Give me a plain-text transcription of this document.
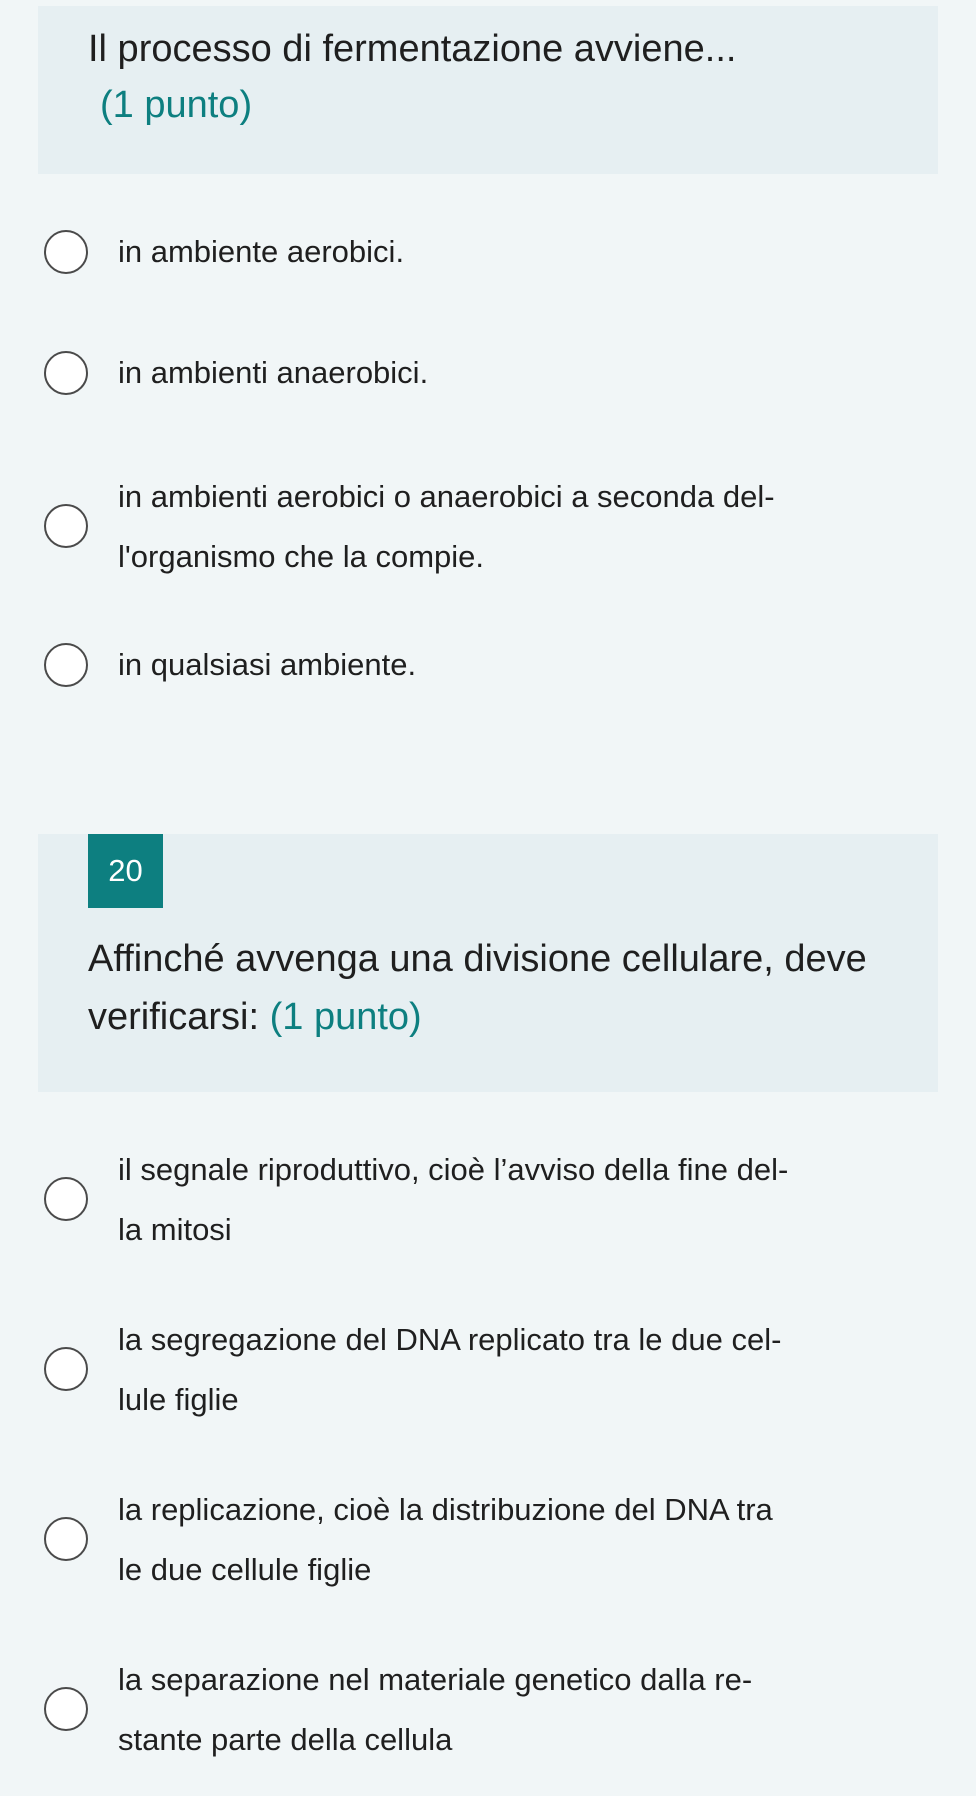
Il processo di fermentazione avviene...

(1 punto)
in ambiente aerobici.
in ambienti anaerobici.
in ambienti aerobici o anaerobici a seconda del-
l'organismo che la compie.
in qualsiasi ambiente.
20

Affinché avvenga una divisione cellulare, deve verificarsi: (1 punto)

il segnale riproduttivo, cioè l’avviso della fine del-
la mitosi
la segregazione del DNA replicato tra le due cel-
lule figlie
la replicazione, cioè la distribuzione del DNA tra
le due cellule figlie
la separazione nel materiale genetico dalla re-
stante parte della cellula
